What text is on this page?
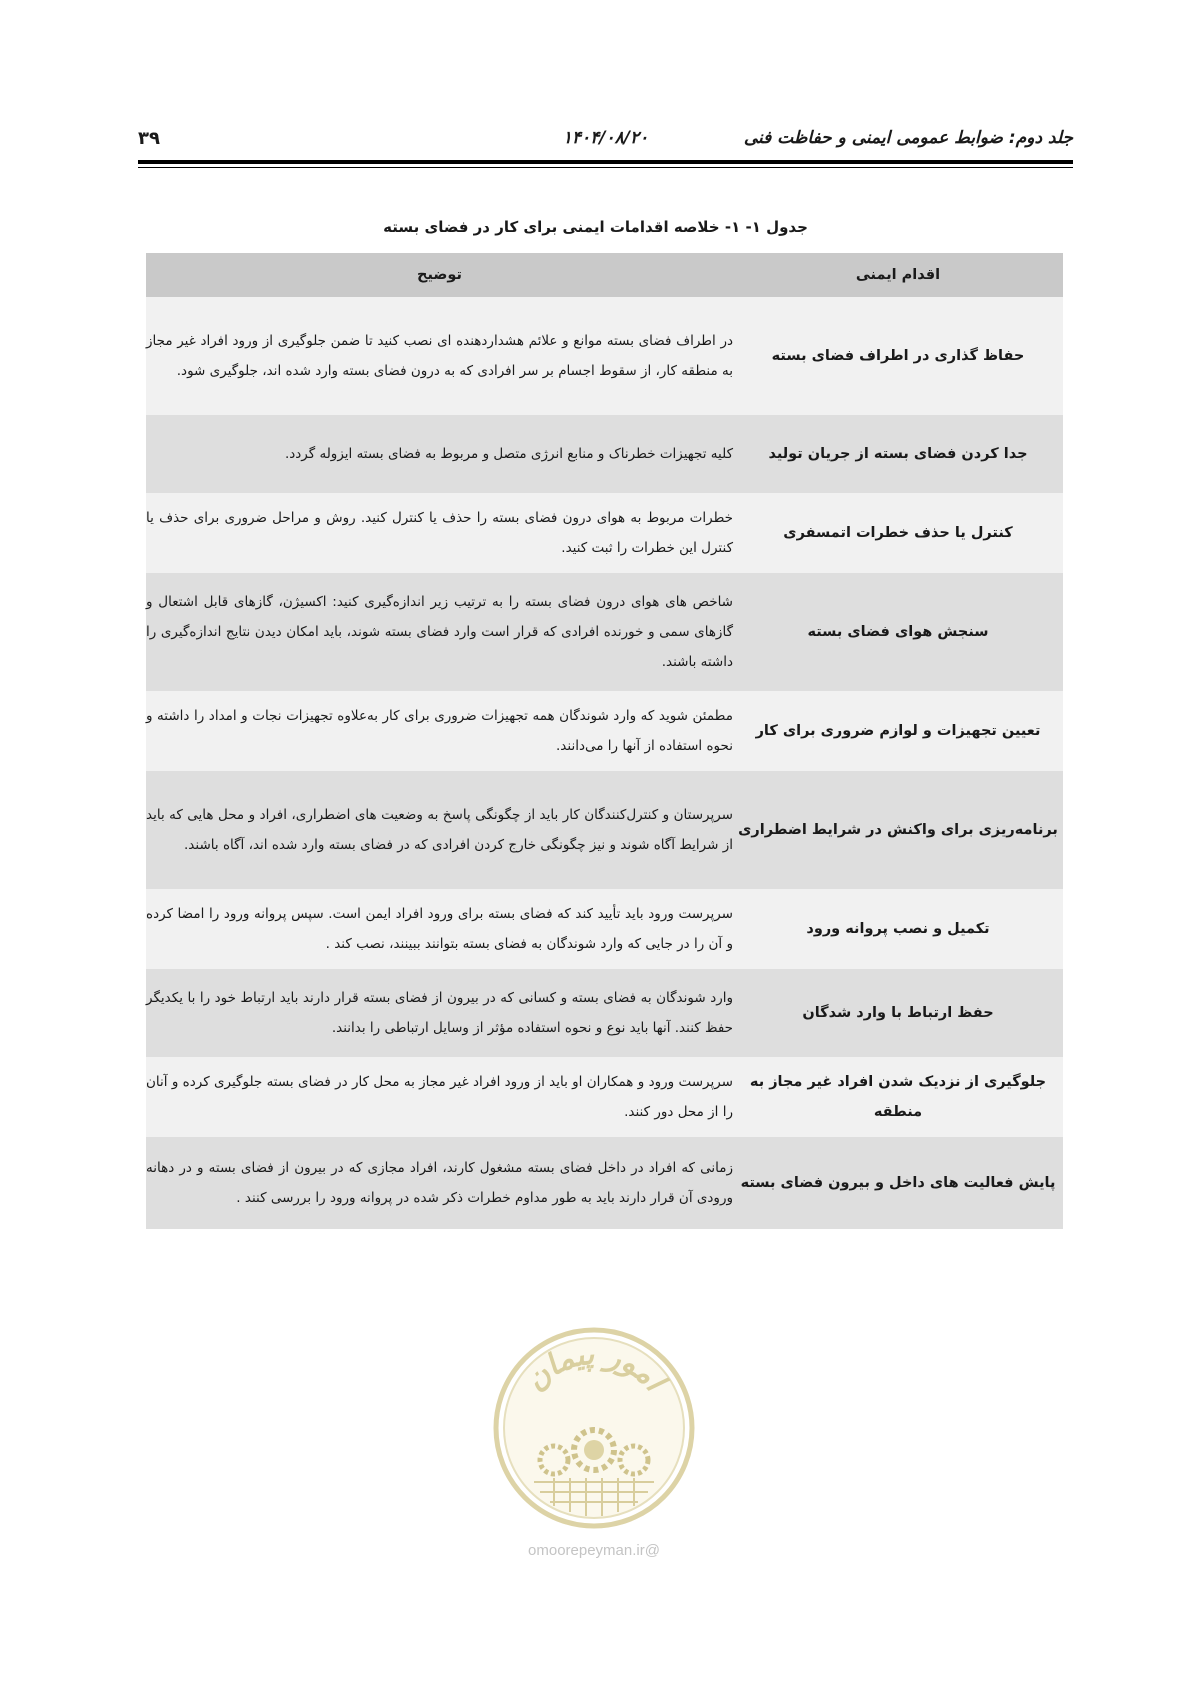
جلد دوم: ضوابط عمومی ایمنی و حفاظت فنی
۱۴۰۴/۰۸/۲۰
۳۹
جدول ۱- ۱- خلاصه اقدامات ایمنی برای کار در فضای بسته
اقدام ایمنی	توضیح
حفاظ گذاری در اطراف فضای بسته	در اطراف فضای بسته موانع و علائم هشداردهنده ای نصب کنید تا ضمن جلوگیری از ورود افراد غیر مجاز به منطقه کار، از سقوط اجسام بر سر افرادی که به درون فضای بسته وارد شده اند، جلوگیری شود.
جدا کردن فضای بسته از جریان تولید	کلیه تجهیزات خطرناک و منابع انرژی متصل و مربوط به فضای بسته ایزوله گردد.
کنترل یا حذف خطرات اتمسفری	خطرات مربوط به هوای درون فضای بسته را حذف یا کنترل کنید. روش و مراحل ضروری برای حذف یا کنترل این خطرات را ثبت کنید.
سنجش هوای فضای بسته	شاخص های هوای درون فضای بسته را به ترتیب زیر اندازه‌گیری کنید: اکسیژن، گازهای قابل اشتعال و گازهای سمی و خورنده افرادی که قرار است وارد فضای بسته شوند، باید امکان دیدن نتایج اندازه‌گیری را داشته باشند.
تعیین تجهیزات و لوازم ضروری برای کار	مطمئن شوید که وارد شوندگان همه تجهیزات ضروری برای کار به‌علاوه تجهیزات نجات و امداد را داشته و نحوه استفاده از آنها را می‌دانند.
برنامه‌ریزی برای واکنش در شرایط اضطراری	سرپرستان و کنترل‌کنندگان کار باید از چگونگی پاسخ به وضعیت های اضطراری، افراد و محل هایی که باید از شرایط آگاه شوند و نیز چگونگی خارج کردن افرادی که در فضای بسته وارد شده اند، آگاه باشند.
تکمیل و نصب پروانه ورود	سرپرست ورود باید تأیید کند که فضای بسته برای ورود افراد ایمن است. سپس پروانه ورود را امضا کرده و آن را در جایی که وارد شوندگان به فضای بسته بتوانند ببینند، نصب کند .
حفظ ارتباط با وارد شدگان	وارد شوندگان به فضای بسته و کسانی که در بیرون از فضای بسته قرار دارند باید ارتباط خود را با یکدیگر حفظ کنند. آنها باید نوع و نحوه استفاده مؤثر از وسایل ارتباطی را بدانند.
جلوگیری از نزدیک شدن افراد غیر مجاز به منطقه	سرپرست ورود و همکاران او باید از ورود افراد غیر مجاز به محل کار در فضای بسته جلوگیری کرده و آنان را از محل دور کنند.
پایش فعالیت های داخل و بیرون فضای بسته	زمانی که افراد در داخل فضای بسته مشغول کارند، افراد مجازی که در بیرون از فضای بسته و در دهانه ورودی آن قرار دارند باید به طور مداوم خطرات ذکر شده در پروانه ورود را بررسی کنند .
امور پیمان
@omoorepeyman.ir
